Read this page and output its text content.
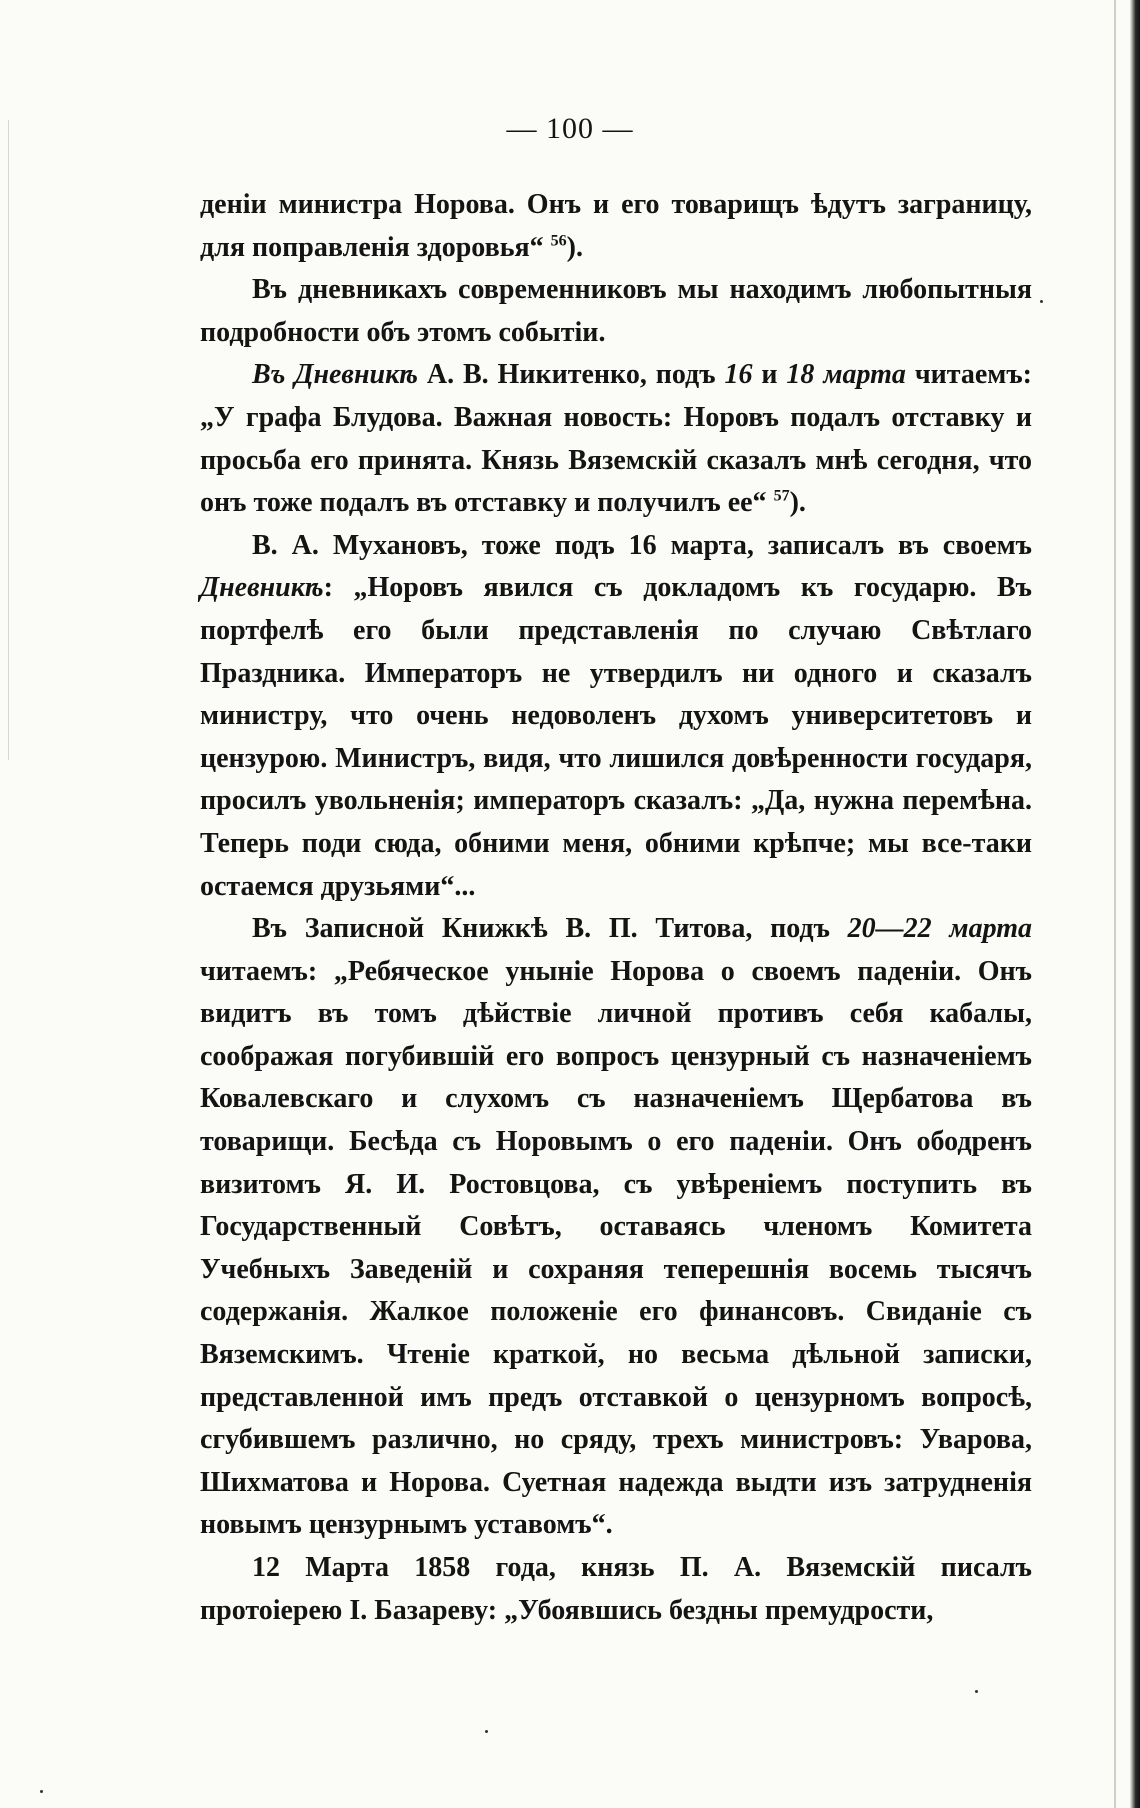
— 100 —

деніи министра Норова. Онъ и его товарищъ ѣдутъ заграницу, для поправленія здоровья“ $^{56}$).

Въ дневникахъ современниковъ мы находимъ любопытныя подробности объ этомъ событіи.

Въ Дневникѣ А. В. Никитенко, подъ 16 и 18 марта читаемъ: „У графа Блудова. Важная новость: Норовъ подалъ отставку и просьба его принята. Князь Вяземскій сказалъ мнѣ сегодня, что онъ тоже подалъ въ отставку и получилъ ее“ $^{57}$).

В. А. Мухановъ, тоже подъ 16 марта, записалъ въ своемъ Дневникѣ: „Норовъ явился съ докладомъ къ государю. Въ портфелѣ его были представленія по случаю Свѣтлаго Праздника. Императоръ не утвердилъ ни одного и сказалъ министру, что очень недоволенъ духомъ университетовъ и цензурою. Министръ, видя, что лишился довѣренности государя, просилъ увольненія; императоръ сказалъ: „Да, нужна перемѣна. Теперь поди сюда, обними меня, обними крѣпче; мы все-таки остаемся друзьями“...

Въ Записной Книжкѣ В. П. Титова, подъ 20—22 марта читаемъ: „Ребяческое уныніе Норова о своемъ паденіи. Онъ видитъ въ томъ дѣйствіе личной противъ себя кабалы, соображая погубившій его вопросъ цензурный съ назначеніемъ Ковалевскаго и слухомъ съ назначеніемъ Щербатова въ товарищи. Бесѣда съ Норовымъ о его паденіи. Онъ ободренъ визитомъ Я. И. Ростовцова, съ увѣреніемъ поступить въ Государственный Совѣтъ, оставаясь членомъ Комитета Учебныхъ Заведеній и сохраняя теперешнія восемь тысячъ содержанія. Жалкое положеніе его финансовъ. Свиданіе съ Вяземскимъ. Чтеніе краткой, но весьма дѣльной записки, представленной имъ предъ отставкой о цензурномъ вопросѣ, сгубившемъ различно, но сряду, трехъ министровъ: Уварова, Шихматова и Норова. Суетная надежда выдти изъ затрудненія новымъ цензурнымъ уставомъ“.

12 Марта 1858 года, князь П. А. Вяземскій писалъ протоіерею І. Базареву: „Убоявшись бездны премудрости,
